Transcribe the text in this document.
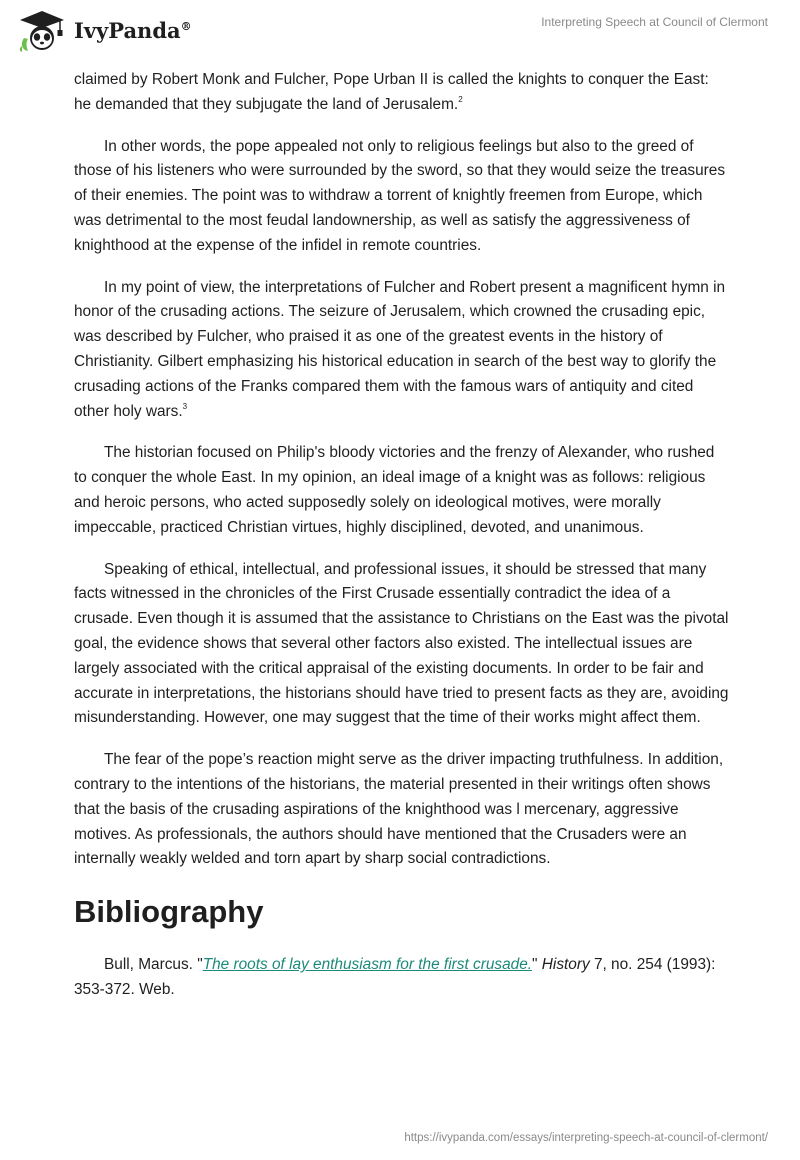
IvyPanda®	Interpreting Speech at Council of Clermont

claimed by Robert Monk and Fulcher, Pope Urban II is called the knights to conquer the East: he demanded that they subjugate the land of Jerusalem.$^2$

In other words, the pope appealed not only to religious feelings but also to the greed of those of his listeners who were surrounded by the sword, so that they would seize the treasures of their enemies. The point was to withdraw a torrent of knightly freemen from Europe, which was detrimental to the most feudal landownership, as well as satisfy the aggressiveness of knighthood at the expense of the infidel in remote countries.

In my point of view, the interpretations of Fulcher and Robert present a magnificent hymn in honor of the crusading actions. The seizure of Jerusalem, which crowned the crusading epic, was described by Fulcher, who praised it as one of the greatest events in the history of Christianity. Gilbert emphasizing his historical education in search of the best way to glorify the crusading actions of the Franks compared them with the famous wars of antiquity and cited other holy wars.$^3$

The historian focused on Philip's bloody victories and the frenzy of Alexander, who rushed to conquer the whole East. In my opinion, an ideal image of a knight was as follows: religious and heroic persons, who acted supposedly solely on ideological motives, were morally impeccable, practiced Christian virtues, highly disciplined, devoted, and unanimous.

Speaking of ethical, intellectual, and professional issues, it should be stressed that many facts witnessed in the chronicles of the First Crusade essentially contradict the idea of a crusade. Even though it is assumed that the assistance to Christians on the East was the pivotal goal, the evidence shows that several other factors also existed. The intellectual issues are largely associated with the critical appraisal of the existing documents. In order to be fair and accurate in interpretations, the historians should have tried to present facts as they are, avoiding misunderstanding. However, one may suggest that the time of their works might affect them.

The fear of the pope’s reaction might serve as the driver impacting truthfulness. In addition, contrary to the intentions of the historians, the material presented in their writings often shows that the basis of the crusading aspirations of the knighthood was l mercenary, aggressive motives. As professionals, the authors should have mentioned that the Crusaders were an internally weakly welded and torn apart by sharp social contradictions.

Bibliography

Bull, Marcus. "The roots of lay enthusiasm for the first crusade." History 7, no. 254 (1993): 353-372. Web.

https://ivypanda.com/essays/interpreting-speech-at-council-of-clermont/
